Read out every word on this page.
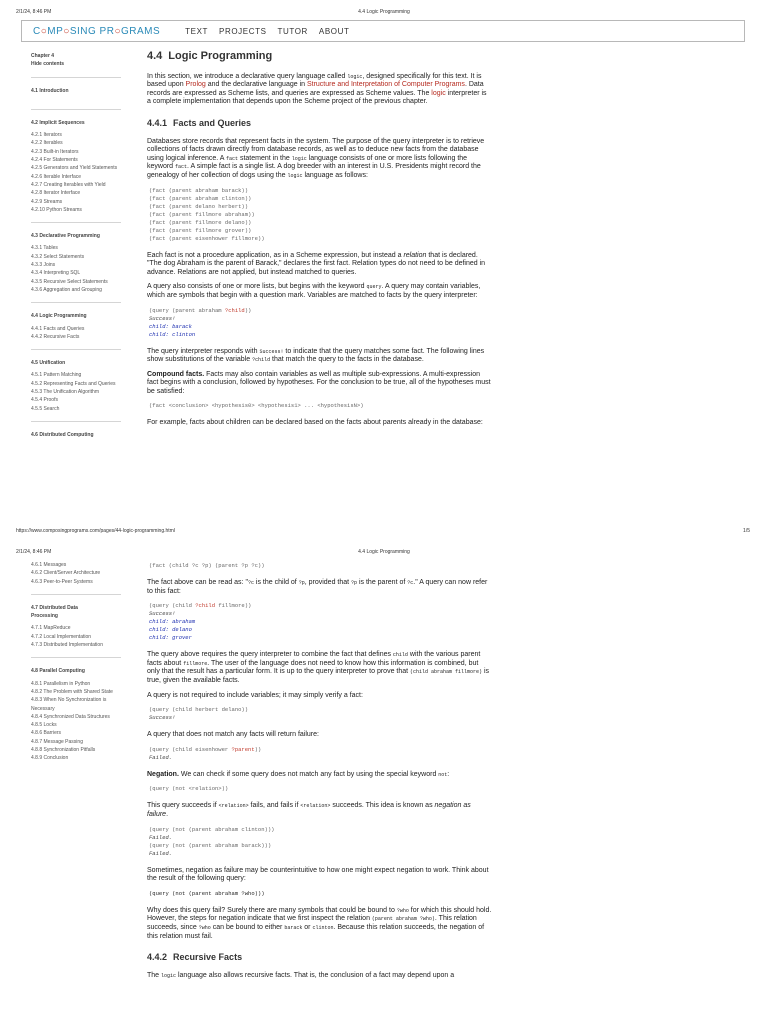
2/1/24, 8:46 PM	4.4 Logic Programming
C○MP○SING PR○GRAMS	TEXT PROJECTS TUTOR ABOUT
Chapter 4
Hide contents
4.1 Introduction
4.2 Implicit Sequences
4.2.1 Iterators
4.2.2 Iterables
4.2.3 Built-in Iterators
4.2.4 For Statements
4.2.5 Generators and Yield Statements
4.2.6 Iterable Interface
4.2.7 Creating Iterables with Yield
4.2.8 Iterator Interface
4.2.9 Streams
4.2.10 Python Streams
4.3 Declarative Programming
4.3.1 Tables
4.3.2 Select Statements
4.3.3 Joins
4.3.4 Interpreting SQL
4.3.5 Recursive Select Statements
4.3.6 Aggregation and Grouping
4.4 Logic Programming
4.4.1 Facts and Queries
4.4.2 Recursive Facts
4.5 Unification
4.5.1 Pattern Matching
4.5.2 Representing Facts and Queries
4.5.3 The Unification Algorithm
4.5.4 Proofs
4.5.5 Search
4.6 Distributed Computing
4.4 Logic Programming

In this section, we introduce a declarative query language called logic, designed specifically for this text. It is based upon Prolog and the declarative language in Structure and Interpretation of Computer Programs. Data records are expressed as Scheme lists, and queries are expressed as Scheme values. The logic interpreter is a complete implementation that depends upon the Scheme project of the previous chapter.

4.4.1 Facts and Queries

Databases store records that represent facts in the system. The purpose of the query interpreter is to retrieve collections of facts drawn directly from database records, as well as to deduce new facts from the database using logical inference. A fact statement in the logic language consists of one or more lists following the keyword fact. A simple fact is a single list. A dog breeder with an interest in U.S. Presidents might record the genealogy of her collection of dogs using the logic language as follows:

(fact (parent abraham barack))
(fact (parent abraham clinton))
(fact (parent delano herbert))
(fact (parent fillmore abraham))
(fact (parent fillmore delano))
(fact (parent fillmore grover))
(fact (parent eisenhower fillmore))

Each fact is not a procedure application, as in a Scheme expression, but instead a relation that is declared. "The dog Abraham is the parent of Barack," declares the first fact. Relation types do not need to be defined in advance. Relations are not applied, but instead matched to queries.

A query also consists of one or more lists, but begins with the keyword query. A query may contain variables, which are symbols that begin with a question mark. Variables are matched to facts by the query interpreter:

(query (parent abraham ?child))
Success!
child: barack
child: clinton

The query interpreter responds with Success! to indicate that the query matches some fact. The following lines show substitutions of the variable ?child that match the query to the facts in the database.

Compound facts. Facts may also contain variables as well as multiple sub-expressions. A multi-expression fact begins with a conclusion, followed by hypotheses. For the conclusion to be true, all of the hypotheses must be satisfied:

(fact <conclusion> <hypothesis0> <hypothesis1> ... <hypothesisN>)

For example, facts about children can be declared based on the facts about parents already in the database:

https://www.composingprograms.com/pages/44-logic-programming.html	1/5
2/1/24, 8:46 PM	4.4 Logic Programming
4.6.1 Messages
4.6.2 Client/Server Architecture
4.6.3 Peer-to-Peer Systems
4.7 Distributed Data Processing
4.7.1 MapReduce
4.7.2 Local Implementation
4.7.3 Distributed Implementation
4.8 Parallel Computing
4.8.1 Parallelism in Python
4.8.2 The Problem with Shared State
4.8.3 When No Synchronization is Necessary
4.8.4 Synchronized Data Structures
4.8.5 Locks
4.8.6 Barriers
4.8.7 Message Passing
4.8.8 Synchronization Pitfalls
4.8.9 Conclusion
(fact (child ?c ?p) (parent ?p ?c))

The fact above can be read as: "?c is the child of ?p, provided that ?p is the parent of ?c." A query can now refer to this fact:

(query (child ?child fillmore))
Success!
child: abraham
child: delano
child: grover

The query above requires the query interpreter to combine the fact that defines child with the various parent facts about fillmore. The user of the language does not need to know how this information is combined, but only that the result has a particular form. It is up to the query interpreter to prove that (child abraham fillmore) is true, given the available facts.

A query is not required to include variables; it may simply verify a fact:

(query (child herbert delano))
Success!

A query that does not match any facts will return failure:

(query (child eisenhower ?parent))
Failed.

Negation. We can check if some query does not match any fact by using the special keyword not:

(query (not <relation>))

This query succeeds if <relation> fails, and fails if <relation> succeeds. This idea is known as negation as failure.

(query (not (parent abraham clinton)))
Failed.
(query (not (parent abraham barack)))
Failed.

Sometimes, negation as failure may be counterintuitive to how one might expect negation to work. Think about the result of the following query:

(query (not (parent abraham ?who)))

Why does this query fail? Surely there are many symbols that could be bound to ?who for which this should hold. However, the steps for negation indicate that we first inspect the relation (parent abraham ?who). This relation succeeds, since ?who can be bound to either barack or clinton. Because this relation succeeds, the negation of this relation must fail.

4.4.2 Recursive Facts

The logic language also allows recursive facts. That is, the conclusion of a fact may depend upon a
